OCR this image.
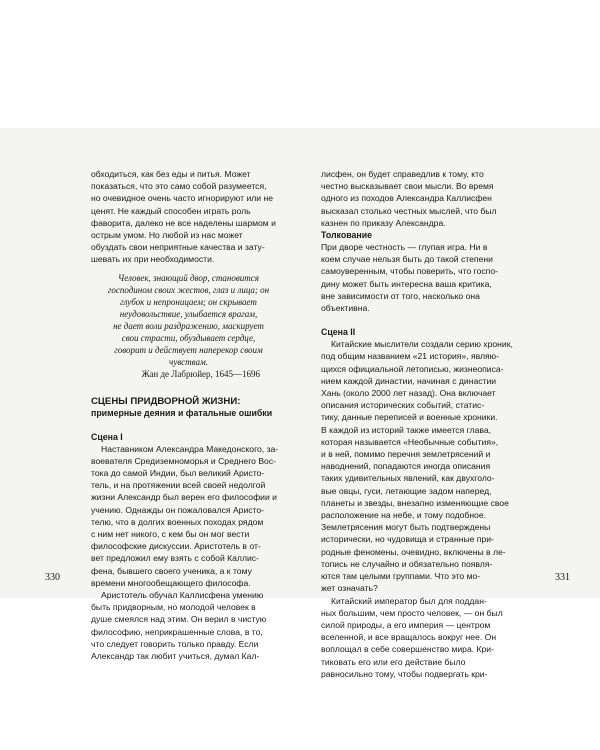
обходиться, как без еды и питья. Может

показаться, что это само собой разумеется,

но очевидное очень часто игнорируют или не

ценят. Не каждый способен играть роль

фаворита, далеко не все наделены шармом и

острым умом. Но любой из нас может

обуздать свои неприятные качества и зату-

шевать их при необходимости.

Человек, знающий двор, становится
господином своих жестов, глаз и лица; он
глубок и непроницаем; он скрывает
неудовольствие, улыбается врагам,
не дает воли раздражению, маскирует
свои страсти, обуздывает сердце,
говорит и действует наперекор своим
чувствам.
Жан де Лабрюйер, 1645—1696
СЦЕНЫ ПРИДВОРНОЙ ЖИЗНИ:
примерные деяния и фатальные ошибки
Сцена I

Наставником Александра Македонского, за-

воевателя Средиземноморья и Среднего Вос-

тока до самой Индии, был великий Аристо-

тель, и на протяжении всей своей недолгой

жизни Александр был верен его философии и

учению. Однажды он пожаловался Аристо-

телю, что в долгих военных походах рядом

с ним нет никого, с кем бы он мог вести

философские дискуссии. Аристотель в от-

вет предложил ему взять с собой Каллис-

фена, бывшего своего ученика, а к тому

времени многообещающего философа.

Аристотель обучал Каллисфена умению

быть придворным, но молодой человек в

душе смеялся над этим. Он верил в чистую

философию, неприкрашенные слова, в то,

что следует говорить только правду. Если

Александр так любит учиться, думал Кал-

330

лисфен, он будет справедлив к тому, кто

честно высказывает свои мысли. Во время

одного из походов Александра Каллисфен

высказал столько честных мыслей, что был

казнен по приказу Александра.

Толкование

При дворе честность — глупая игра. Ни в

коем случае нельзя быть до такой степени

самоуверенным, чтобы поверить, что госпо-

дину может быть интересна ваша критика,

вне зависимости от того, насколько она

объективна.

Сцена II

Китайские мыслители создали серию хроник,

под общим названием «21 история», являю-

щихся официальной летописью, жизнеописа-

нием каждой династии, начиная с династии

Хань (около 2000 лет назад). Она включает

описания исторических событий, статис-

тику, данные переписей и военные хроники.

В каждой из историй также имеется глава,

которая называется «Необычные события»,

и в ней, помимо перечня землетрясений и

наводнений, попадаются иногда описания

таких удивительных явлений, как двухголо-

вые овцы, гуси, летающие задом наперед,

планеты и звезды, внезапно изменяющие свое

расположение на небе, и тому подобное.

Землетрясения могут быть подтверждены

исторически, но чудовища и странные при-

родные феномены, очевидно, включены в ле-

топись не случайно и обязательно появля-

ются там целыми группами. Что это мо-

жет означать?

Китайский император был для поддан-

ных большим, чем просто человек, — он был

силой природы, а его империя — центром

вселенной, и все вращалось вокруг нее. Он

воплощал в себе совершенство мира. Кри-

тиковать его или его действие было

равносильно тому, чтобы подвергать кри-

331
